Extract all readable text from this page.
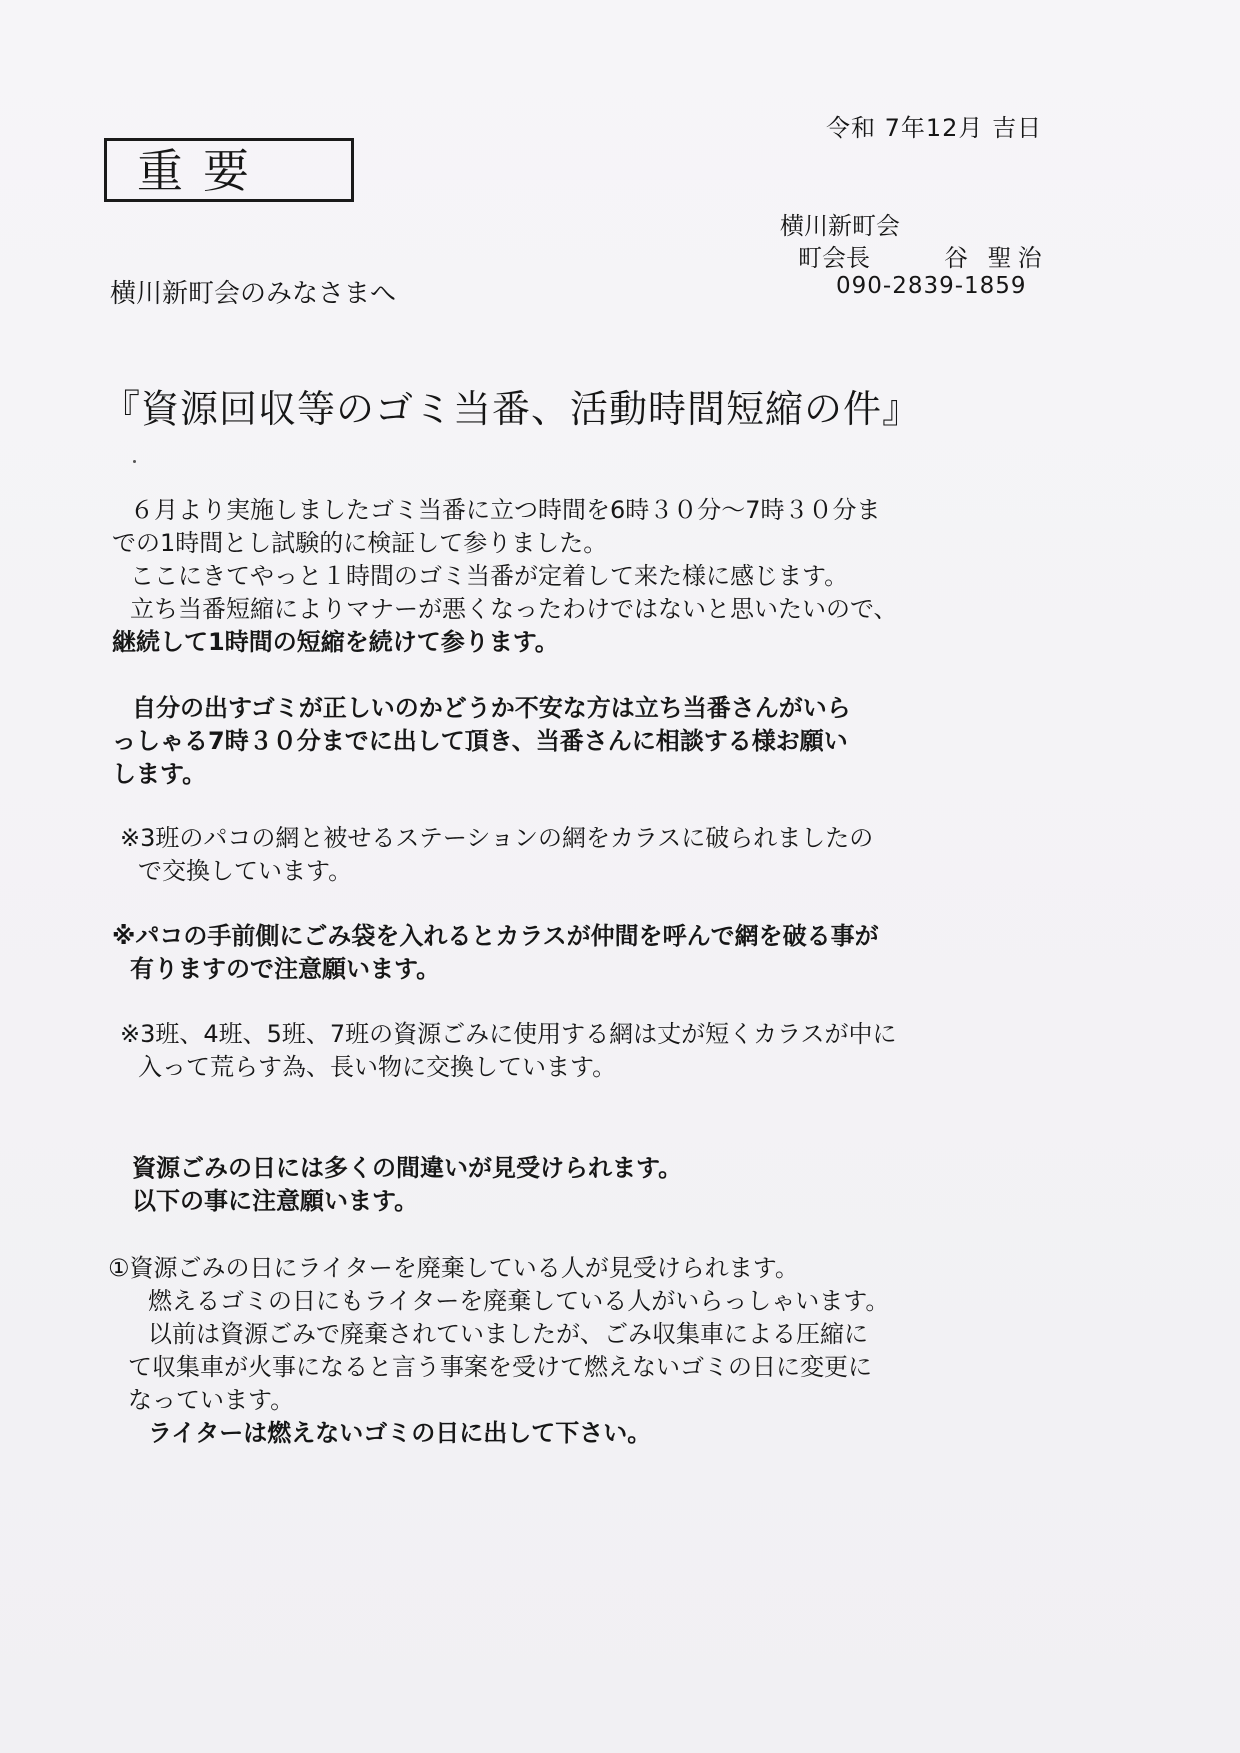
令和 7年12月 吉日
重要
横川新町会
町会長	谷 聖治
090-2839-1859
横川新町会のみなさまへ
『資源回収等のゴミ当番、活動時間短縮の件』
６月より実施しましたゴミ当番に立つ時間を6時３０分～7時３０分ま
での1時間とし試験的に検証して参りました。
ここにきてやっと１時間のゴミ当番が定着して来た様に感じます。
立ち当番短縮によりマナーが悪くなったわけではないと思いたいので、
継続して1時間の短縮を続けて参ります。
自分の出すゴミが正しいのかどうか不安な方は立ち当番さんがいら
っしゃる7時３０分までに出して頂き、当番さんに相談する様お願い
します。
※3班のパコの網と被せるステーションの網をカラスに破られましたの
で交換しています。
※パコの手前側にごみ袋を入れるとカラスが仲間を呼んで網を破る事が
有りますので注意願います。
※3班、4班、5班、7班の資源ごみに使用する網は丈が短くカラスが中に
入って荒らす為、長い物に交換しています。
資源ごみの日には多くの間違いが見受けられます。
以下の事に注意願います。
①資源ごみの日にライターを廃棄している人が見受けられます。
燃えるゴミの日にもライターを廃棄している人がいらっしゃいます。
以前は資源ごみで廃棄されていましたが、ごみ収集車による圧縮に
て収集車が火事になると言う事案を受けて燃えないゴミの日に変更に
なっています。
ライターは燃えないゴミの日に出して下さい。
